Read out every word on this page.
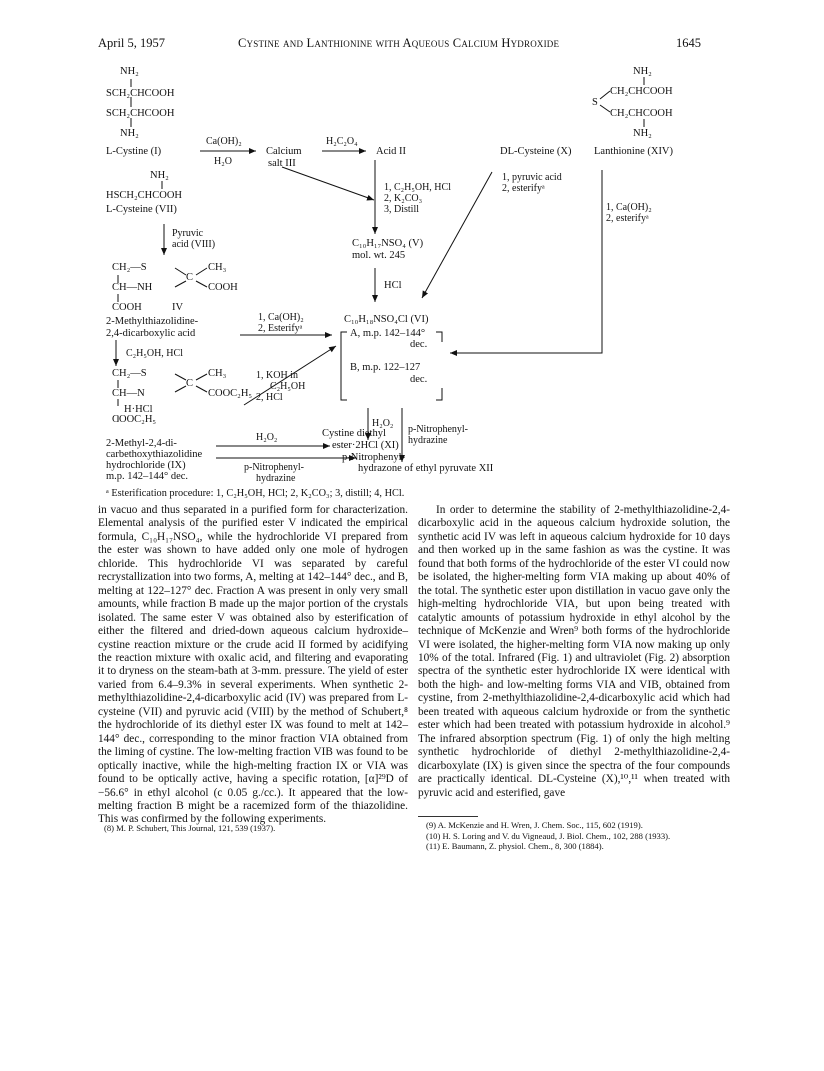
April 5, 1957	Cystine and Lanthionine with Aqueous Calcium Hydroxide	1645
NH₂
SCH₂CHCOOH
SCH₂CHCOOH
NH₂
L-Cystine (I)
Ca(OH)₂
H₂O
Calcium
salt III
H₂C₂O₄
Acid II
NH₂
HSCH₂CHCOOH
L-Cysteine (VII)
Pyruvic
acid (VIII)
CH₂—S	CH₃
C
CH—NH	COOH
COOH	IV
2-Methylthiazolidine-
2,4-dicarboxylic acid
C₂H₅OH, HCl
CH₂—S	CH₃
C
CH—N	COOC₂H₅
H·HCl
COOC₂H₅
2-Methyl-2,4-di-
carbethoxythiazolidine
hydrochloride (IX)
m.p. 142–144° dec.
1, C₂H₅OH, HCl
2, K₂CO₃
3, Distill
C₁₀H₁₇NSO₄ (V)
mol. wt. 245
HCl
C₁₀H₁₈NSO₄Cl (VI)
A, m.p. 142–144°
dec.
B, m.p. 122–127
dec.
1, Ca(OH)₂
2, Esterifyᵃ
1, KOH in
C₂H₅OH
2, HCl
H₂O₂
p-Nitrophenyl-
hydrazine
H₂O₂	Cystine diethyl
ester·2HCl (XI)
p-Nitrophenyl-
hydrazine
p-Nitrophenyl-
hydrazone of ethyl pyruvate XII
DL-Cysteine (X)
NH₂
CH₂CHCOOH
S
CH₂CHCOOH
NH₂
Lanthionine (XIV)
1, pyruvic acid
2, esterifyᵃ
1, Ca(OH)₂
2, esterifyᵃ
ᵃ Esterification procedure: 1, C₂H₅OH, HCl; 2, K₂CO₃; 3, distill; 4, HCl.

in vacuo and thus separated in a purified form for characterization. Elemental analysis of the purified ester V indicated the empirical formula, C₁₀H₁₇NSO₄, while the hydrochloride VI prepared from the ester was shown to have added only one mole of hydrogen chloride. This hydrochloride VI was separated by careful recrystallization into two forms, A, melting at 142–144° dec., and B, melting at 122–127° dec. Fraction A was present in only very small amounts, while fraction B made up the major portion of the crystals isolated. The same ester V was obtained also by esterification of either the filtered and dried-down aqueous calcium hydroxide–cystine reaction mixture or the crude acid II formed by acidifying the reaction mixture with oxalic acid, and filtering and evaporating it to dryness on the steam-bath at 3-mm. pressure. The yield of ester varied from 6.4–9.3% in several experiments. When synthetic 2-methylthiazolidine-2,4-dicarboxylic acid (IV) was prepared from L-cysteine (VII) and pyruvic acid (VIII) by the method of Schubert,⁸ the hydrochloride of its diethyl ester IX was found to melt at 142–144° dec., corresponding to the minor fraction VIA obtained from the liming of cystine. The low-melting fraction VIB was found to be optically inactive, while the high-melting fraction IX or VIA was found to be optically active, having a specific rotation, [α]²⁹D of −56.6° in ethyl alcohol (c 0.05 g./cc.). It appeared that the low-melting fraction B might be a racemized form of the thiazolidine. This was confirmed by the following experiments.

In order to determine the stability of 2-methylthiazolidine-2,4-dicarboxylic acid in the aqueous calcium hydroxide solution, the synthetic acid IV was left in aqueous calcium hydroxide for 10 days and then worked up in the same fashion as was the cystine. It was found that both forms of the hydrochloride of the ester VI could now be isolated, the higher-melting form VIA making up about 40% of the total. The synthetic ester upon distillation in vacuo gave only the high-melting hydrochloride VIA, but upon being treated with catalytic amounts of potassium hydroxide in ethyl alcohol by the technique of McKenzie and Wren⁹ both forms of the hydrochloride VI were isolated, the higher-melting form VIA now making up only 10% of the total. Infrared (Fig. 1) and ultraviolet (Fig. 2) absorption spectra of the synthetic ester hydrochloride IX were identical with both the high- and low-melting forms VIA and VIB, obtained from cystine, from 2-methylthiazolidine-2,4-dicarboxylic acid which had been treated with aqueous calcium hydroxide or from the synthetic ester which had been treated with potassium hydroxide in alcohol.⁹ The infrared absorption spectrum (Fig. 1) of only the high melting synthetic hydrochloride of diethyl 2-methylthiazolidine-2,4-dicarboxylate (IX) is given since the spectra of the four compounds are practically identical. DL-Cysteine (X),¹⁰,¹¹ when treated with pyruvic acid and esterified, gave

(9) A. McKenzie and H. Wren, J. Chem. Soc., 115, 602 (1919).
(10) H. S. Loring and V. du Vigneaud, J. Biol. Chem., 102, 288 (1933).
(11) E. Baumann, Z. physiol. Chem., 8, 300 (1884).
(8) M. P. Schubert, This Journal, 121, 539 (1937).
